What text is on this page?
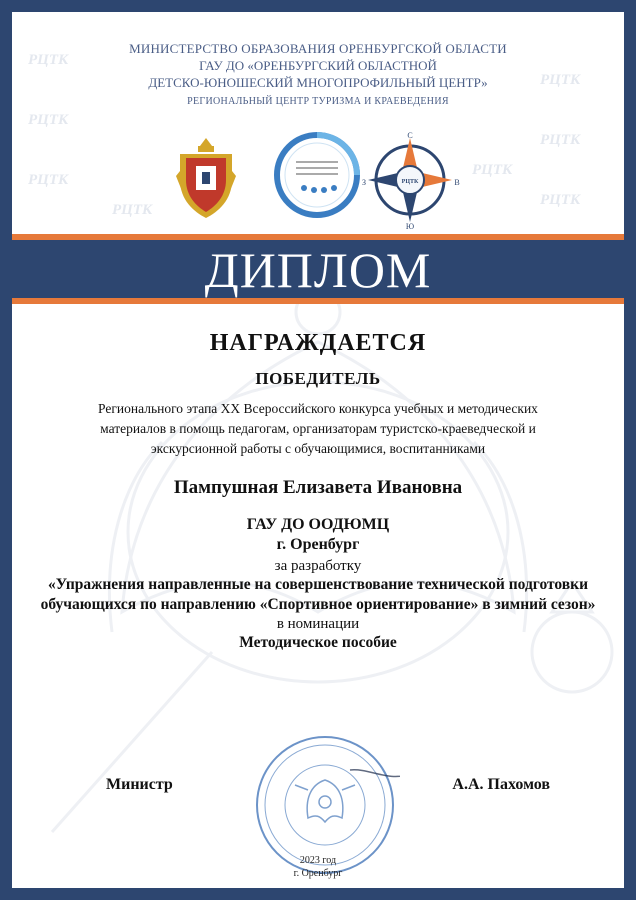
РЦТК
РЦТК
РЦТК
РЦТК
РЦТК
РЦТК
РЦТК
РЦТК
МИНИСТЕРСТВО ОБРАЗОВАНИЯ ОРЕНБУРГСКОЙ ОБЛАСТИ
ГАУ ДО «ОРЕНБУРГСКИЙ ОБЛАСТНОЙ
ДЕТСКО-ЮНОШЕСКИЙ МНОГОПРОФИЛЬНЫЙ ЦЕНТР»
РЕГИОНАЛЬНЫЙ ЦЕНТР ТУРИЗМА И КРАЕВЕДЕНИЯ
РЦТК
С
Ю
З	В
ДИПЛОМ
НАГРАЖДАЕТСЯ
ПОБЕДИТЕЛЬ
Регионального этапа XX Всероссийского конкурса учебных и методических материалов в помощь педагогам, организаторам туристско-краеведческой и экскурсионной работы с обучающимися, воспитанниками
Пампушная Елизавета Ивановна
ГАУ ДО ООДЮМЦ
г. Оренбург
за разработку
«Упражнения направленные на совершенствование технической подготовки обучающихся по направлению «Спортивное ориентирование» в зимний сезон»
в номинации
Методическое пособие
Министр	А.А. Пахомов
2023 год
г. Оренбург
